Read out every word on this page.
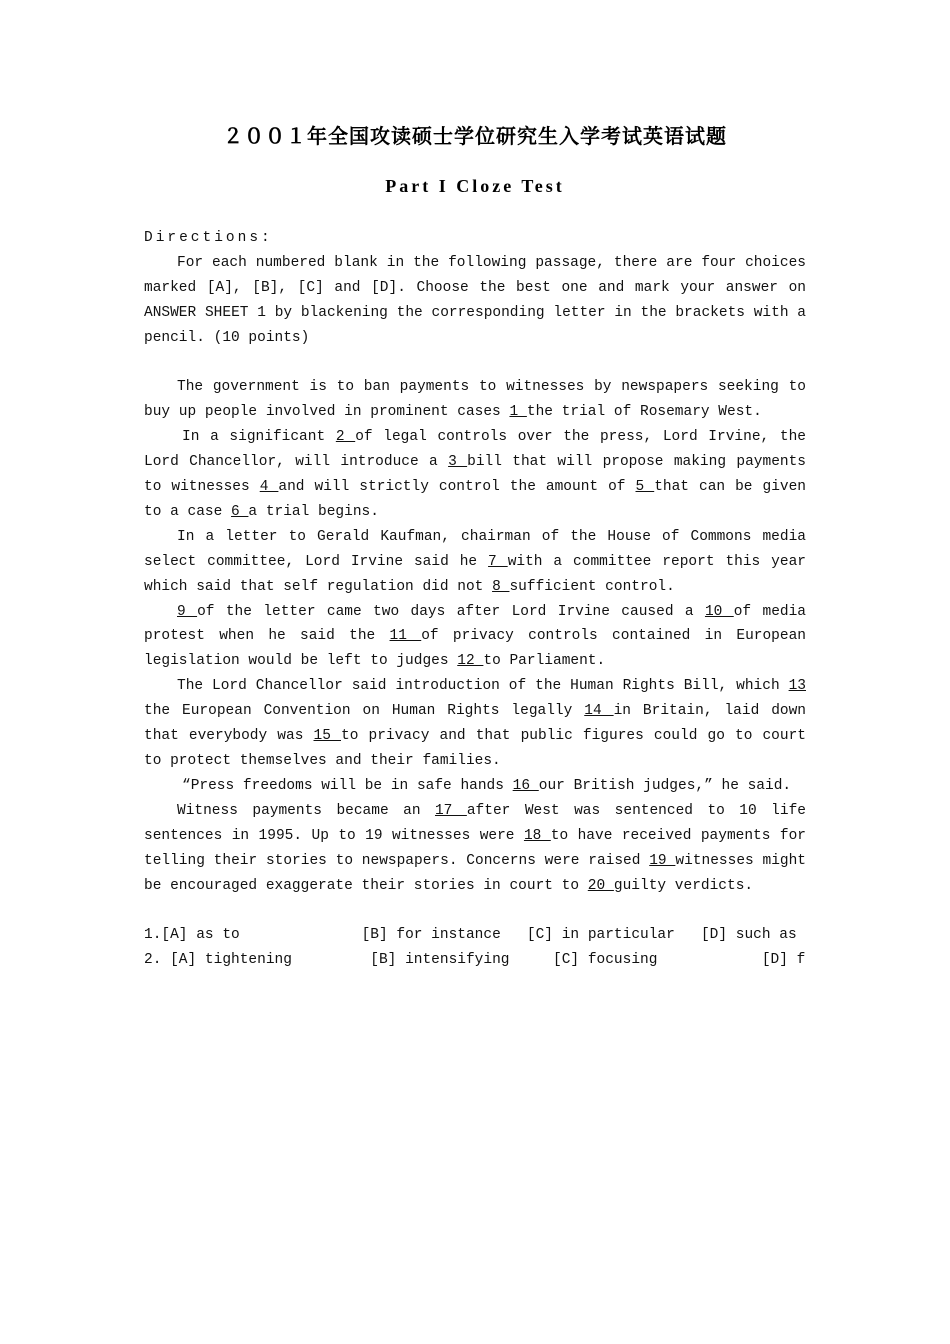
２００１年全国攻读硕士学位研究生入学考试英语试题
Part I Cloze Test

Directions:

For each numbered blank in the following passage, there are four choices marked [A], [B], [C] and [D]. Choose the best one and mark your answer on ANSWER SHEET 1 by blackening the corresponding letter in the brackets with a pencil. (10 points)

The government is to ban payments to witnesses by newspapers seeking to buy up people involved in prominent cases 1 the trial of Rosemary West.

In a significant 2 of legal controls over the press, Lord Irvine, the Lord Chancellor, will introduce a 3 bill that will propose making payments to witnesses 4 and will strictly control the amount of 5 that can be given to a case 6 a trial begins.

In a letter to Gerald Kaufman, chairman of the House of Commons media select committee, Lord Irvine said he 7 with a committee report this year which said that self regulation did not 8 sufficient control.

9 of the letter came two days after Lord Irvine caused a 10 of media protest when he said the 11 of privacy controls contained in European legislation would be left to judges 12 to Parliament.

The Lord Chancellor said introduction of the Human Rights Bill, which 13 the European Convention on Human Rights legally 14 in Britain, laid down that everybody was 15 to privacy and that public figures could go to court to protect themselves and their families.

“Press freedoms will be in safe hands 16 our British judges,” he said.

Witness payments became an 17 after West was sentenced to 10 life sentences in 1995. Up to 19 witnesses were 18 to have received payments for telling their stories to newspapers. Concerns were raised 19 witnesses might be encouraged exaggerate their stories in court to 20 guilty verdicts.

1.[A] as to	[B] for instance [C] in particular [D] such as

2. [A] tightening	[B] intensifying	[C] focusing	[D] f
